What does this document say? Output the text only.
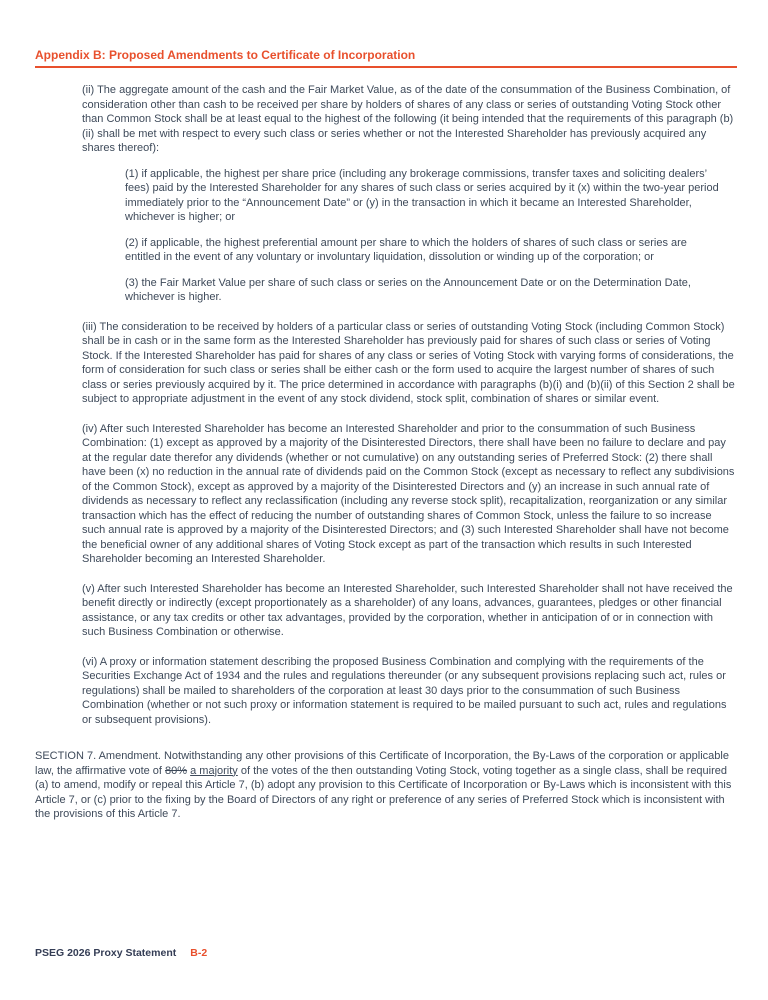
Appendix B: Proposed Amendments to Certificate of Incorporation
(ii) The aggregate amount of the cash and the Fair Market Value, as of the date of the consummation of the Business Combination, of consideration other than cash to be received per share by holders of shares of any class or series of outstanding Voting Stock other than Common Stock shall be at least equal to the highest of the following (it being intended that the requirements of this paragraph (b)(ii) shall be met with respect to every such class or series whether or not the Interested Shareholder has previously acquired any shares thereof):
(1) if applicable, the highest per share price (including any brokerage commissions, transfer taxes and soliciting dealers’ fees) paid by the Interested Shareholder for any shares of such class or series acquired by it (x) within the two-year period immediately prior to the “Announcement Date” or (y) in the transaction in which it became an Interested Shareholder, whichever is higher; or
(2) if applicable, the highest preferential amount per share to which the holders of shares of such class or series are entitled in the event of any voluntary or involuntary liquidation, dissolution or winding up of the corporation; or
(3) the Fair Market Value per share of such class or series on the Announcement Date or on the Determination Date, whichever is higher.
(iii) The consideration to be received by holders of a particular class or series of outstanding Voting Stock (including Common Stock) shall be in cash or in the same form as the Interested Shareholder has previously paid for shares of such class or series of Voting Stock. If the Interested Shareholder has paid for shares of any class or series of Voting Stock with varying forms of considerations, the form of consideration for such class or series shall be either cash or the form used to acquire the largest number of shares of such class or series previously acquired by it. The price determined in accordance with paragraphs (b)(i) and (b)(ii) of this Section 2 shall be subject to appropriate adjustment in the event of any stock dividend, stock split, combination of shares or similar event.
(iv) After such Interested Shareholder has become an Interested Shareholder and prior to the consummation of such Business Combination: (1) except as approved by a majority of the Disinterested Directors, there shall have been no failure to declare and pay at the regular date therefor any dividends (whether or not cumulative) on any outstanding series of Preferred Stock: (2) there shall have been (x) no reduction in the annual rate of dividends paid on the Common Stock (except as necessary to reflect any subdivisions of the Common Stock), except as approved by a majority of the Disinterested Directors and (y) an increase in such annual rate of dividends as necessary to reflect any reclassification (including any reverse stock split), recapitalization, reorganization or any similar transaction which has the effect of reducing the number of outstanding shares of Common Stock, unless the failure to so increase such annual rate is approved by a majority of the Disinterested Directors; and (3) such Interested Shareholder shall have not become the beneficial owner of any additional shares of Voting Stock except as part of the transaction which results in such Interested Shareholder becoming an Interested Shareholder.
(v) After such Interested Shareholder has become an Interested Shareholder, such Interested Shareholder shall not have received the benefit directly or indirectly (except proportionately as a shareholder) of any loans, advances, guarantees, pledges or other financial assistance, or any tax credits or other tax advantages, provided by the corporation, whether in anticipation of or in connection with such Business Combination or otherwise.
(vi) A proxy or information statement describing the proposed Business Combination and complying with the requirements of the Securities Exchange Act of 1934 and the rules and regulations thereunder (or any subsequent provisions replacing such act, rules or regulations) shall be mailed to shareholders of the corporation at least 30 days prior to the consummation of such Business Combination (whether or not such proxy or information statement is required to be mailed pursuant to such act, rules and regulations or subsequent provisions).
SECTION 7. Amendment. Notwithstanding any other provisions of this Certificate of Incorporation, the By-Laws of the corporation or applicable law, the affirmative vote of 80% a majority of the votes of the then outstanding Voting Stock, voting together as a single class, shall be required (a) to amend, modify or repeal this Article 7, (b) adopt any provision to this Certificate of Incorporation or By-Laws which is inconsistent with this Article 7, or (c) prior to the fixing by the Board of Directors of any right or preference of any series of Preferred Stock which is inconsistent with the provisions of this Article 7.
PSEG 2026 Proxy Statement B-2
